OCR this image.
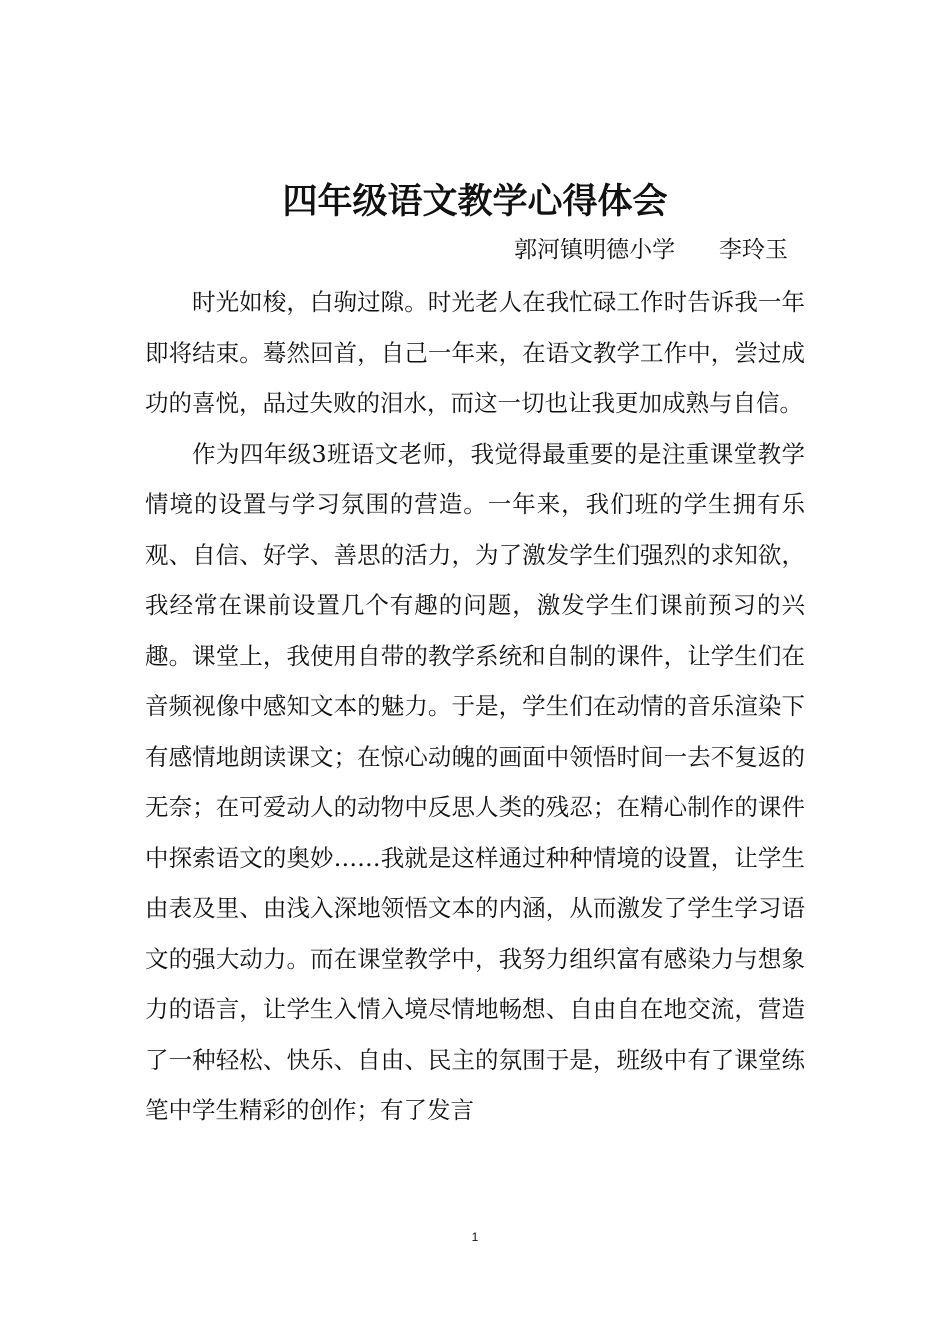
四年级语文教学心得体会
郭河镇明德小学      李玲玉

时光如梭，白驹过隙。时光老人在我忙碌工作时告诉我一年即将结束。蓦然回首，自己一年来，在语文教学工作中，尝过成功的喜悦，品过失败的泪水，而这一切也让我更加成熟与自信。

作为四年级3班语文老师，我觉得最重要的是注重课堂教学情境的设置与学习氛围的营造。一年来，我们班的学生拥有乐观、自信、好学、善思的活力，为了激发学生们强烈的求知欲，我经常在课前设置几个有趣的问题，激发学生们课前预习的兴趣。课堂上，我使用自带的教学系统和自制的课件，让学生们在音频视像中感知文本的魅力。于是，学生们在动情的音乐渲染下有感情地朗读课文；在惊心动魄的画面中领悟时间一去不复返的无奈；在可爱动人的动物中反思人类的残忍；在精心制作的课件中探索语文的奥妙……我就是这样通过种种情境的设置，让学生由表及里、由浅入深地领悟文本的内涵，从而激发了学生学习语文的强大动力。而在课堂教学中，我努力组织富有感染力与想象力的语言，让学生入情入境尽情地畅想、自由自在地交流，营造了一种轻松、快乐、自由、民主的氛围于是，班级中有了课堂练笔中学生精彩的创作；有了发言

1
